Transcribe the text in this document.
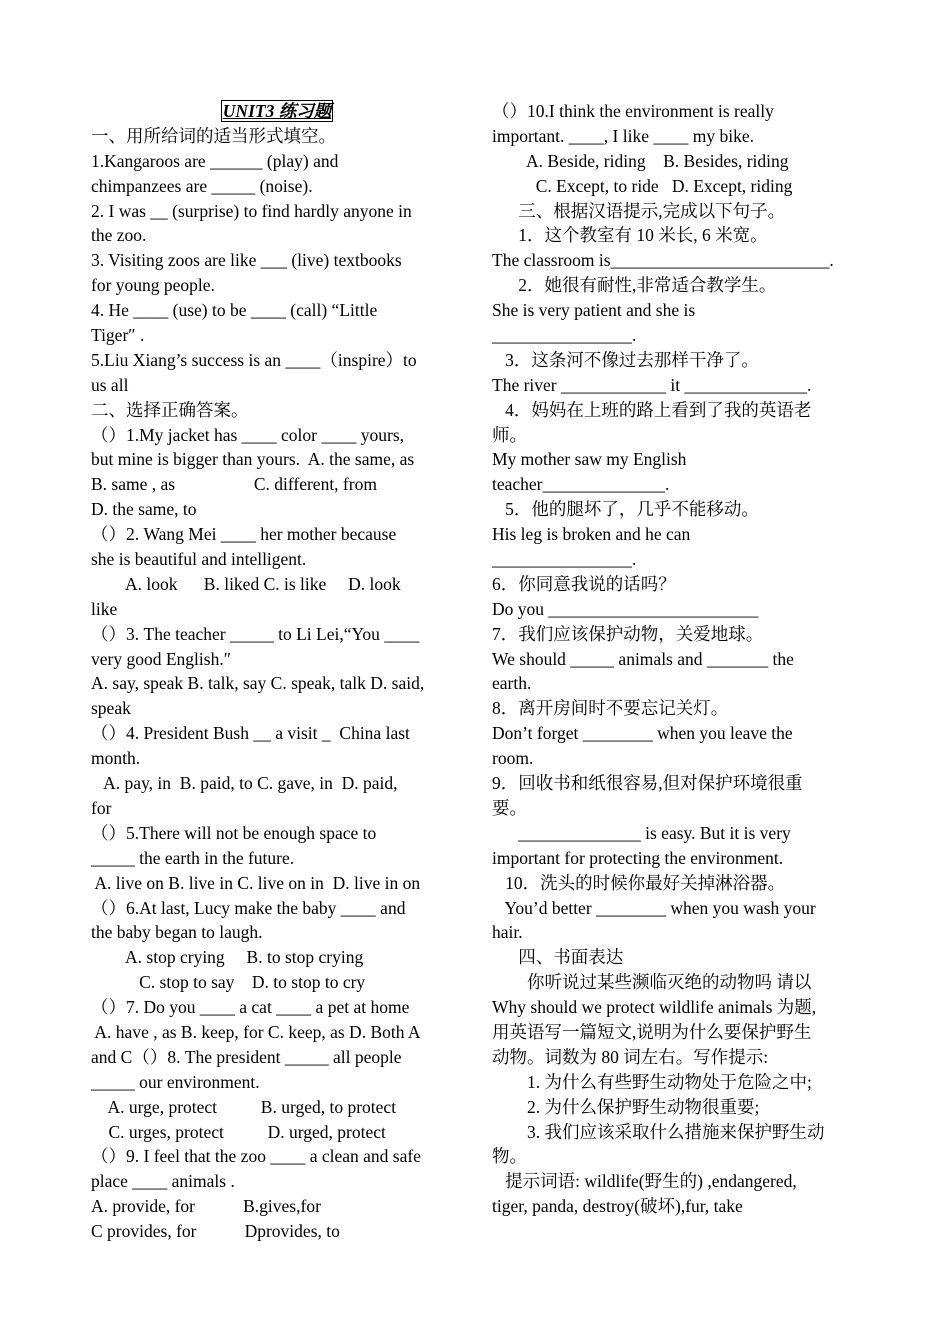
UNIT3 练习题
一、用所给词的适当形式填空。
1.Kangaroos are ______ (play) and
chimpanzees are _____ (noise).
2. I was __ (surprise) to find hardly anyone in
the zoo.
3. Visiting zoos are like ___ (live) textbooks
for young people.
4. He ____ (use) to be ____ (call) “Little
Tiger″ .
5.Liu Xiang’s success is an ____（inspire）to
us all
二、选择正确答案。
（）1.My jacket has ____ color ____ yours,
but mine is bigger than yours.  A. the same, as
B. same , as                  C. different, from
D. the same, to
（）2. Wang Mei ____ her mother because
she is beautiful and intelligent.
A. look      B. liked C. is like     D. look
like
（）3. The teacher _____ to Li Lei,“You ____
very good English.″
A. say, speak B. talk, say C. speak, talk D. said,
speak
（）4. President Bush __ a visit _  China last
month.
A. pay, in  B. paid, to C. gave, in  D. paid,
for
（）5.There will not be enough space to
_____ the earth in the future.
A. live on B. live in C. live on in  D. live in on
（）6.At last, Lucy make the baby ____ and
the baby began to laugh.
A. stop crying     B. to stop crying
C. stop to say    D. to stop to cry
（）7. Do you ____ a cat ____ a pet at home
A. have , as B. keep, for C. keep, as D. Both A
and C（）8. The president _____ all people
_____ our environment.
A. urge, protect          B. urged, to protect
C. urges, protect          D. urged, protect
（）9. I feel that the zoo ____ a clean and safe
place ____ animals .
A. provide, for           B.gives,for
C provides, for           Dprovides, to
（）10.I think the environment is really
important. ____, I like ____ my bike.
A. Beside, riding    B. Besides, riding
C. Except, to ride   D. Except, riding
三、根据汉语提示,完成以下句子。
1．这个教室有 10 米长, 6 米宽。
The classroom is_________________________.
2．她很有耐性,非常适合教学生。
She is very patient and she is
________________.
3．这条河不像过去那样干净了。
The river ____________ it ______________.
4．妈妈在上班的路上看到了我的英语老
师。
My mother saw my English
teacher______________.
5．他的腿坏了，几乎不能移动。
His leg is broken and he can
________________.
6．你同意我说的话吗？
Do you ________________________
7．我们应该保护动物，关爱地球。
We should _____ animals and _______ the
earth.
8．离开房间时不要忘记关灯。
Don’t forget ________ when you leave the
room.
9．回收书和纸很容易,但对保护环境很重
要。
______________ is easy. But it is very
important for protecting the environment.
10．洗头的时候你最好关掉淋浴器。
You’d better ________ when you wash your
hair.
四、书面表达
你听说过某些濒临灭绝的动物吗 请以
Why should we protect wildlife animals 为题,
用英语写一篇短文,说明为什么要保护野生
动物。词数为 80 词左右。写作提示:
1. 为什么有些野生动物处于危险之中;
2. 为什么保护野生动物很重要;
3. 我们应该采取什么措施来保护野生动
物。
提示词语: wildlife(野生的) ,endangered,
tiger, panda, destroy(破坏),fur, take
